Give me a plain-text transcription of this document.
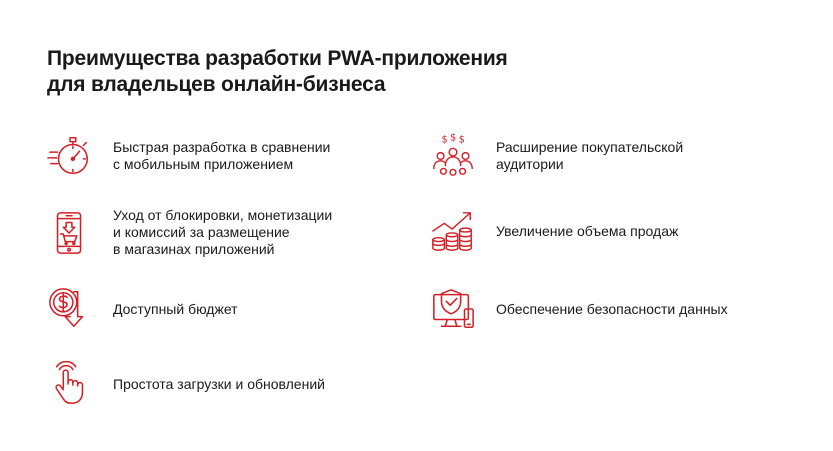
Преимущества разработки PWA-приложения
для владельцев онлайн-бизнеса
Быстрая разработка в сравнении
с мобильным приложением
Уход от блокировки, монетизации
и комиссий за размещение
в магазинах приложений
Доступный бюджет
Простота загрузки и обновлений
$ $ $ Расширение покупательской
аудитории
Увеличение объема продаж
Обеспечение безопасности данных
